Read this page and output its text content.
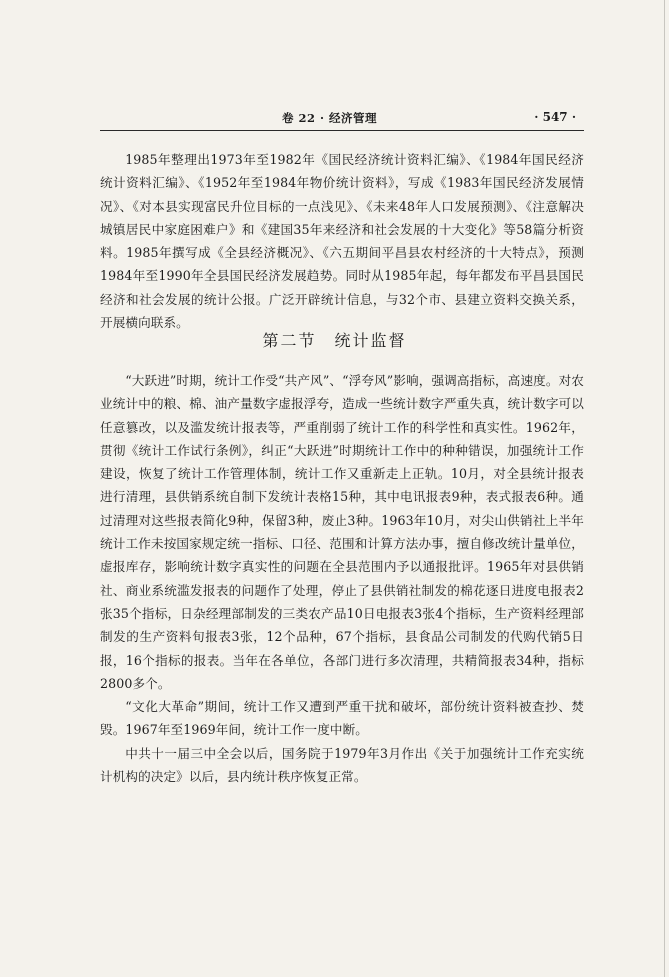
卷 22 · 经济管理	· 547 ·

1985年整理出1973年至1982年《国民经济统计资料汇编》、《1984年国民经济统计资料汇编》、《1952年至1984年物价统计资料》，写成《1983年国民经济发展情况》、《对本县实现富民升位目标的一点浅见》、《未来48年人口发展预测》、《注意解决城镇居民中家庭困难户》和《建国35年来经济和社会发展的十大变化》等58篇分析资料。1985年撰写成《全县经济概况》、《六五期间平昌县农村经济的十大特点》，预测1984年至1990年全县国民经济发展趋势。同时从1985年起，每年都发布平昌县国民经济和社会发展的统计公报。广泛开辟统计信息，与32个市、县建立资料交换关系，开展横向联系。

第二节 统计监督

“大跃进”时期，统计工作受“共产风”、“浮夸风”影响，强调高指标，高速度。对农业统计中的粮、棉、油产量数字虚报浮夸，造成一些统计数字严重失真，统计数字可以任意篡改，以及滥发统计报表等，严重削弱了统计工作的科学性和真实性。1962年，贯彻《统计工作试行条例》，纠正“大跃进”时期统计工作中的种种错误，加强统计工作建设，恢复了统计工作管理体制，统计工作又重新走上正轨。10月，对全县统计报表进行清理，县供销系统自制下发统计表格15种，其中电讯报表9种，表式报表6种。通过清理对这些报表简化9种，保留3种，废止3种。1963年10月，对尖山供销社上半年统计工作未按国家规定统一指标、口径、范围和计算方法办事，擅自修改统计量单位，虚报库存，影响统计数字真实性的问题在全县范围内予以通报批评。1965年对县供销社、商业系统滥发报表的问题作了处理，停止了县供销社制发的棉花逐日进度电报表2张35个指标，日杂经理部制发的三类农产品10日电报表3张4个指标，生产资料经理部制发的生产资料旬报表3张，12个品种，67个指标，县食品公司制发的代购代销5日报，16个指标的报表。当年在各单位，各部门进行多次清理，共精简报表34种，指标2800多个。

“文化大革命”期间，统计工作又遭到严重干扰和破坏，部份统计资料被查抄、焚毁。1967年至1969年间，统计工作一度中断。

中共十一届三中全会以后，国务院于1979年3月作出《关于加强统计工作充实统计机构的决定》以后，县内统计秩序恢复正常。
